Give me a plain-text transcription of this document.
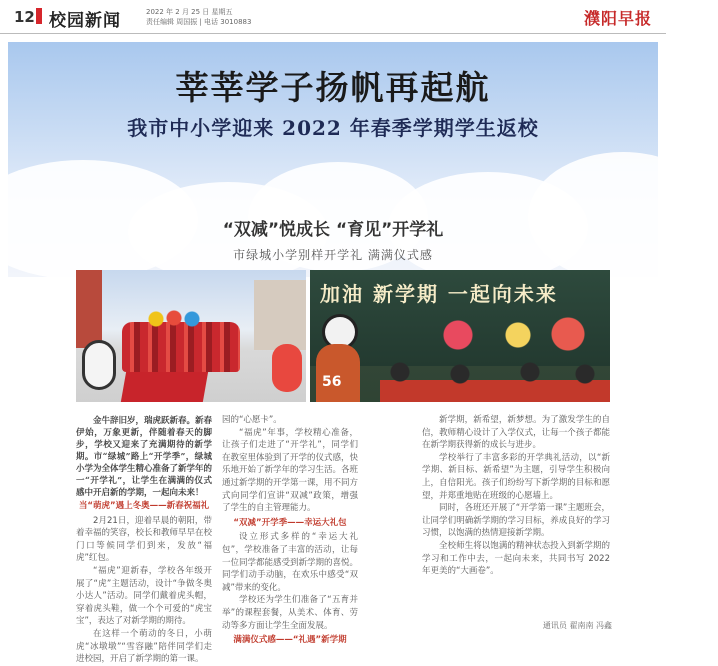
12 校园新闻	2022 年 2 月 25 日 星期五
责任编辑 周国振 | 电话 3010883	濮阳早报
莘莘学子扬帆再起航
我市中小学迎来 2022 年春季学期学生返校
“双减”悦成长 “育见”开学礼
市绿城小学别样开学礼 满满仪式感
加油 新学期 一起向未来
56

金牛辞旧岁，瑞虎跃新春。新春伊始，万象更新，伴随着春天的脚步，学校又迎来了充满期待的新学期。市“绿城”路上“开学季”，绿城小学为全体学生精心准备了新学年的一“开学礼”，让学生在满满的仪式感中开启新的学期，一起向未来！

当“萌虎”遇上冬奥——新春祝福礼

2月21日，迎着早晨的朝阳，带着幸福的笑容，校长和教师早早在校门口等候同学们到来，发放“福虎”红包。

“福虎”迎新春，学校各年级开展了“虎”主题活动，设计“争做冬奥小达人”活动。同学们戴着虎头帽，穿着虎头鞋，做一个个可爱的“虎宝宝”，表达了对新学期的期待。

在这样一个萌动的冬日，小萌虎“冰墩墩”“雪容融”陪伴同学们走进校园，开启了新学期的第一课。

园的“心愿卡”。

“福虎”年事，学校精心准备，让孩子们走进了“开学礼”，同学们在教室里体验到了开学的仪式感，快乐地开始了新学年的学习生活。各班通过新学期的开学第一课，用不同方式向同学们宣讲“双减”政策，增强了学生的自主管理能力。

“双减”开学季——幸运大礼包

设立形式多样的“幸运大礼包”，学校准备了丰富的活动，让每一位同学都能感受到新学期的喜悦。同学们动手动脑，在欢乐中感受“双减”带来的变化。

学校还为学生们准备了“五育并举”的课程套餐，从美术、体育、劳动等多方面让学生全面发展。

满满仪式感——“礼遇”新学期

新学期，新希望，新梦想。为了激发学生的自信，教师精心设计了入学仪式，让每一个孩子都能在新学期获得新的成长与进步。

学校举行了丰富多彩的开学典礼活动，以“新学期、新目标、新希望”为主题，引导学生积极向上，自信阳光。孩子们纷纷写下新学期的目标和愿望，并郑重地贴在班级的心愿墙上。

同时，各班还开展了“开学第一课”主题班会，让同学们明确新学期的学习目标，养成良好的学习习惯，以饱满的热情迎接新学期。

全校师生将以饱满的精神状态投入到新学期的学习和工作中去，一起向未来，共同书写 2022 年更美的“大画卷”。

通讯员 翟南南 冯鑫
